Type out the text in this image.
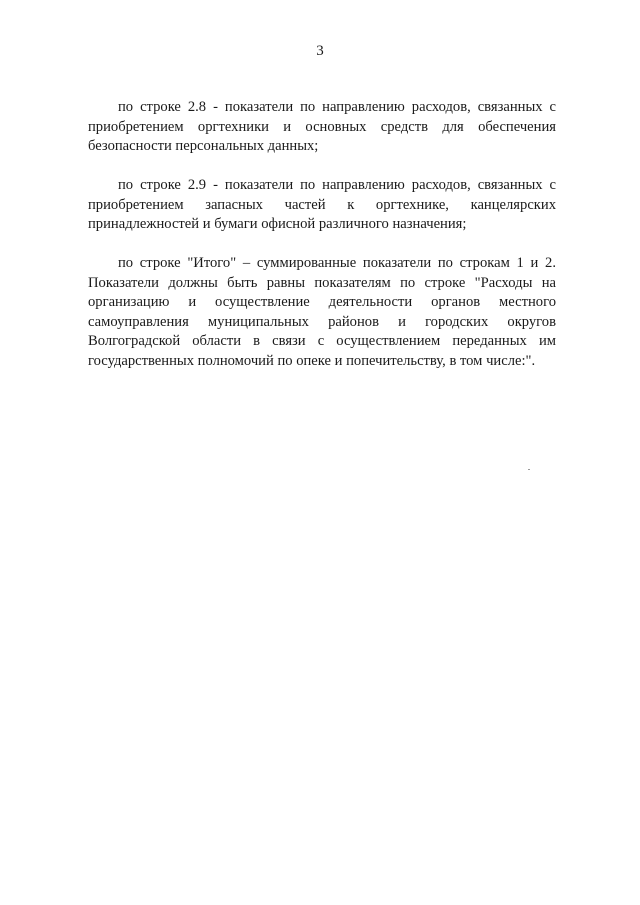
3

по строке 2.8 - показатели по направлению расходов, связанных с приобретением оргтехники и основных средств для обеспечения безопасности персональных данных;

по строке 2.9 - показатели по направлению расходов, связанных с приобретением запасных частей к оргтехнике, канцелярских принадлежностей и бумаги офисной различного назначения;

по строке "Итого" – суммированные показатели по строкам 1 и 2. Показатели должны быть равны показателям по строке "Расходы на организацию и осуществление деятельности органов местного самоуправления муниципальных районов и городских округов Волгоградской области в связи с осуществлением переданных им государственных полномочий по опеке и попечительству, в том числе:".
